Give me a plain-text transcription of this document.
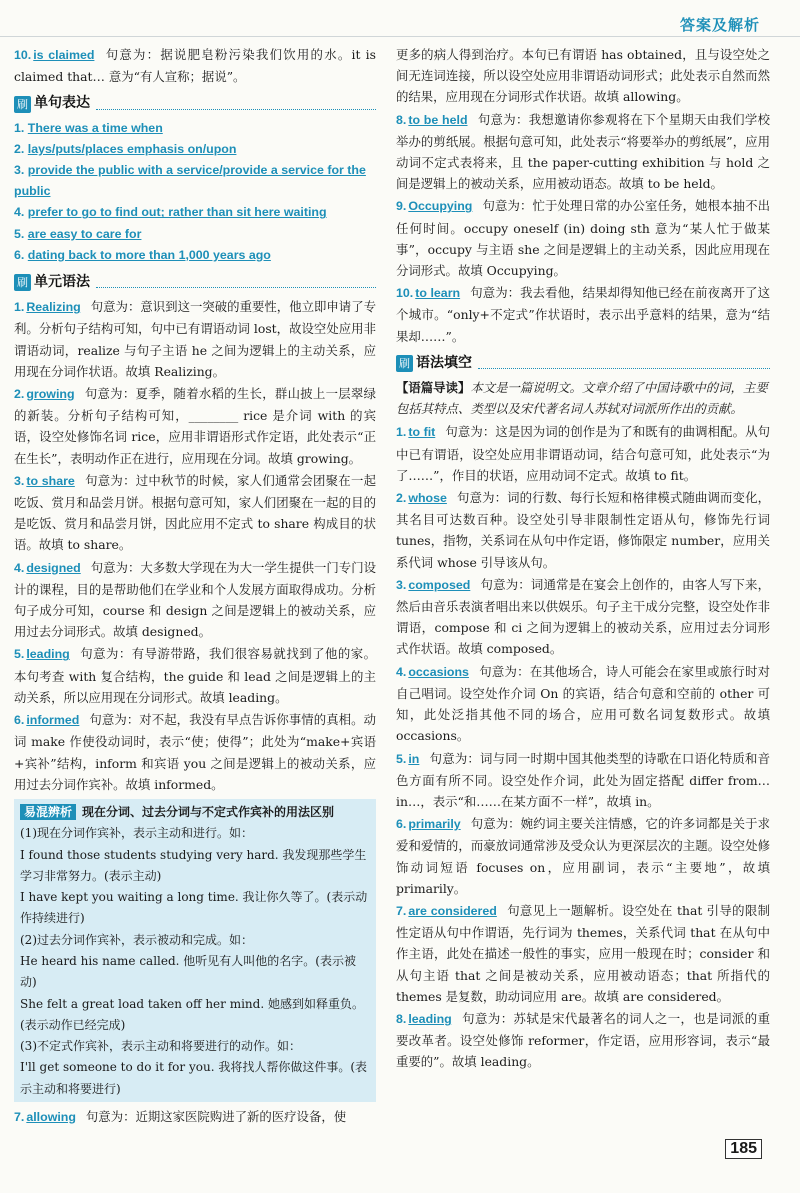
答案及解析
10. is claimed 句意为：据说肥皂粉污染我们饮用的水。it is claimed that… 意为“有人宣称；据说”。
刷 单句表达
1. There was a time when
2. lays/puts/places emphasis on/upon
3. provide the public with a service/provide a service for the public
4. prefer to go to find out; rather than sit here waiting
5. are easy to care for
6. dating back to more than 1,000 years ago
刷 单元语法
1. Realizing 句意为：意识到这一突破的重要性，他立即申请了专利。分析句子结构可知，句中已有谓语动词 lost，故设空处应用非谓语动词，realize 与句子主语 he 之间为逻辑上的主动关系，应用现在分词作状语。故填 Realizing。
2. growing 句意为：夏季，随着水稻的生长，群山披上一层翠绿的新装。分析句子结构可知，________ rice 是介词 with 的宾语，设空处修饰名词 rice，应用非谓语形式作定语，此处表示“正在生长”，表明动作正在进行，应用现在分词。故填 growing。
3. to share 句意为：过中秋节的时候，家人们通常会团聚在一起吃饭、赏月和品尝月饼。根据句意可知，家人们团聚在一起的目的是吃饭、赏月和品尝月饼，因此应用不定式 to share 构成目的状语。故填 to share。
4. designed 句意为：大多数大学现在为大一学生提供一门专门设计的课程，目的是帮助他们在学业和个人发展方面取得成功。分析句子成分可知，course 和 design 之间是逻辑上的被动关系，应用过去分词形式。故填 designed。
5. leading 句意为：有导游带路，我们很容易就找到了他的家。本句考查 with 复合结构，the guide 和 lead 之间是逻辑上的主动关系，所以应用现在分词形式。故填 leading。
6. informed 句意为：对不起，我没有早点告诉你事情的真相。动词 make 作使役动词时，表示“使；使得”；此处为“make+宾语+宾补”结构，inform 和宾语 you 之间是逻辑上的被动关系，应用过去分词作宾补。故填 informed。

易混辨析 现在分词、过去分词与不定式作宾补的用法区别

(1)现在分词作宾补，表示主动和进行。如：

I found those students studying very hard. 我发现那些学生学习非常努力。(表示主动)

I have kept you waiting a long time. 我让你久等了。(表示动作持续进行)

(2)过去分词作宾补，表示被动和完成。如：

He heard his name called. 他听见有人叫他的名字。(表示被动)

She felt a great load taken off her mind. 她感到如释重负。(表示动作已经完成)

(3)不定式作宾补，表示主动和将要进行的动作。如：

I'll get someone to do it for you. 我将找人帮你做这件事。(表示主动和将要进行)

7. allowing 句意为：近期这家医院购进了新的医疗设备，使
更多的病人得到治疗。本句已有谓语 has obtained，且与设空处之间无连词连接，所以设空处应用非谓语动词形式；此处表示自然而然的结果，应用现在分词形式作状语。故填 allowing。
8. to be held 句意为：我想邀请你参观将在下个星期天由我们学校举办的剪纸展。根据句意可知，此处表示“将要举办的剪纸展”，应用动词不定式表将来，且 the paper-cutting exhibition 与 hold 之间是逻辑上的被动关系，应用被动语态。故填 to be held。
9. Occupying 句意为：忙于处理日常的办公室任务，她根本抽不出任何时间。occupy oneself (in) doing sth 意为“某人忙于做某事”，occupy 与主语 she 之间是逻辑上的主动关系，因此应用现在分词形式。故填 Occupying。
10. to learn 句意为：我去看他，结果却得知他已经在前夜离开了这个城市。“only+不定式”作状语时，表示出乎意料的结果，意为“结果却……”。
刷 语法填空
【语篇导读】本文是一篇说明文。文章介绍了中国诗歌中的词，主要包括其特点、类型以及宋代著名词人苏轼对词派所作出的贡献。
1. to fit 句意为：这是因为词的创作是为了和既有的曲调相配。从句中已有谓语，设空处应用非谓语动词，结合句意可知，此处表示“为了……”，作目的状语，应用动词不定式。故填 to fit。
2. whose 句意为：词的行数、每行长短和格律模式随曲调而变化，其名目可达数百种。设空处引导非限制性定语从句，修饰先行词 tunes，指物，关系词在从句中作定语，修饰限定 number，应用关系代词 whose 引导该从句。
3. composed 句意为：词通常是在宴会上创作的，由客人写下来，然后由音乐表演者唱出来以供娱乐。句子主干成分完整，设空处作非谓语，compose 和 ci 之间为逻辑上的被动关系，应用过去分词形式作状语。故填 composed。
4. occasions 句意为：在其他场合，诗人可能会在家里或旅行时对自己唱词。设空处作介词 On 的宾语，结合句意和空前的 other 可知，此处泛指其他不同的场合，应用可数名词复数形式。故填 occasions。
5. in 句意为：词与同一时期中国其他类型的诗歌在口语化特质和音色方面有所不同。设空处作介词，此处为固定搭配 differ from… in…，表示“和……在某方面不一样”，故填 in。
6. primarily 句意为：婉约词主要关注情感，它的许多词都是关于求爱和爱情的，而豪放词通常涉及受众认为更深层次的主题。设空处修饰动词短语 focuses on，应用副词，表示“主要地”，故填 primarily。
7. are considered 句意见上一题解析。设空处在 that 引导的限制性定语从句中作谓语，先行词为 themes，关系代词 that 在从句中作主语，此处在描述一般性的事实，应用一般现在时；consider 和从句主语 that 之间是被动关系，应用被动语态；that 所指代的 themes 是复数，助动词应用 are。故填 are considered。
8. leading 句意为：苏轼是宋代最著名的词人之一，也是词派的重要改革者。设空处修饰 reformer，作定语，应用形容词，表示“最重要的”。故填 leading。
185
